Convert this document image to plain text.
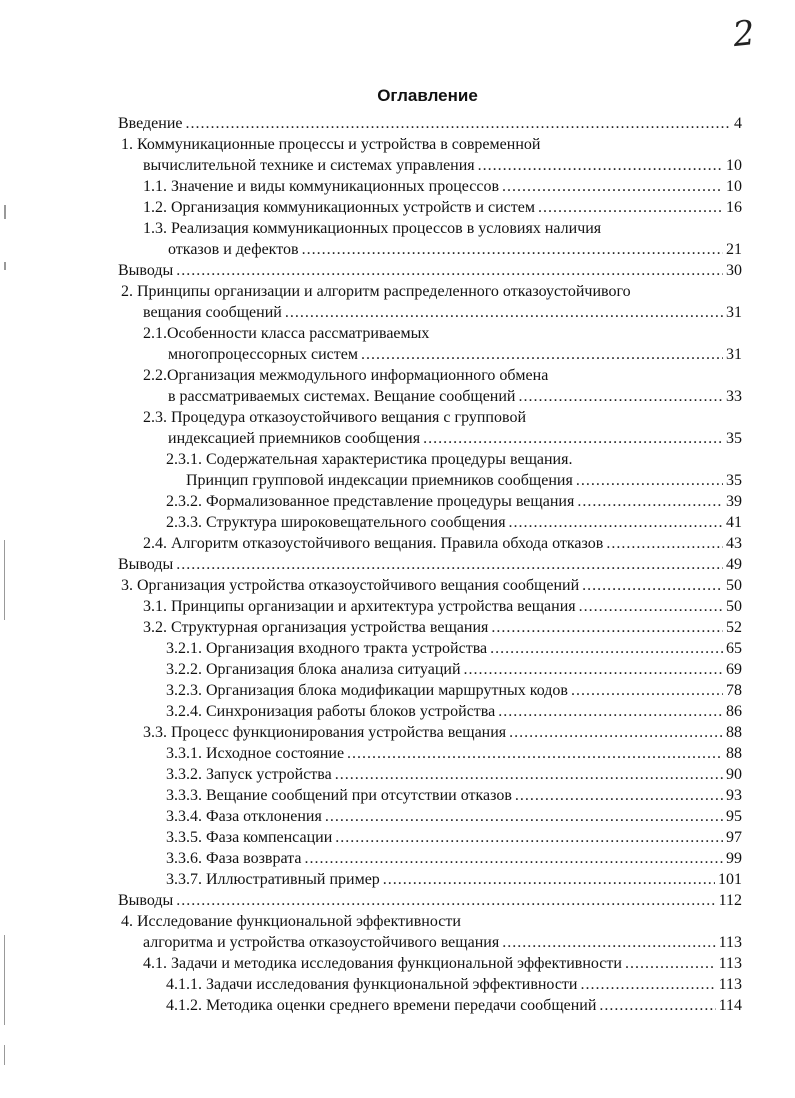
2
Оглавление
Введение .....	4
1. Коммуникационные процессы и устройства в современной
вычислительной технике и системах управления .....	10
1.1. Значение и виды коммуникационных процессов .....	10
1.2. Организация коммуникационных устройств и систем .....	16
1.3. Реализация коммуникационных процессов в условиях наличия
отказов и дефектов .....	21
Выводы .....	30
2. Принципы организации и алгоритм распределенного отказоустойчивого
вещания сообщений .....	31
2.1.Особенности класса рассматриваемых
многопроцессорных систем .....	31
2.2.Организация межмодульного информационного обмена
в рассматриваемых системах. Вещание сообщений .....	33
2.3. Процедура отказоустойчивого вещания с групповой
индексацией приемников сообщения .....	35
2.3.1. Содержательная характеристика процедуры вещания.
Принцип групповой индексации приемников сообщения .....	35
2.3.2. Формализованное представление процедуры вещания .....	39
2.3.3. Структура широковещательного сообщения .....	41
2.4. Алгоритм отказоустойчивого вещания. Правила обхода отказов .....	43
Выводы .....	49
3. Организация устройства отказоустойчивого вещания сообщений .....	50
3.1. Принципы организации и архитектура устройства вещания .....	50
3.2. Структурная организация устройства вещания .....	52
3.2.1. Организация входного тракта устройства .....	65
3.2.2. Организация блока анализа ситуаций .....	69
3.2.3. Организация блока модификации маршрутных кодов .....	78
3.2.4. Синхронизация работы блоков устройства .....	86
3.3. Процесс функционирования устройства вещания .....	88
3.3.1. Исходное состояние .....	88
3.3.2. Запуск устройства .....	90
3.3.3. Вещание сообщений при отсутствии отказов .....	93
3.3.4. Фаза отклонения .....	95
3.3.5. Фаза компенсации .....	97
3.3.6. Фаза возврата .....	99
3.3.7. Иллюстративный пример .....	101
Выводы .....	112
4. Исследование функциональной эффективности
алгоритма и устройства отказоустойчивого вещания .....	113
4.1. Задачи и методика исследования функциональной эффективности .....	113
4.1.1. Задачи исследования функциональной эффективности .....	113
4.1.2. Методика оценки среднего времени передачи сообщений .....	114
